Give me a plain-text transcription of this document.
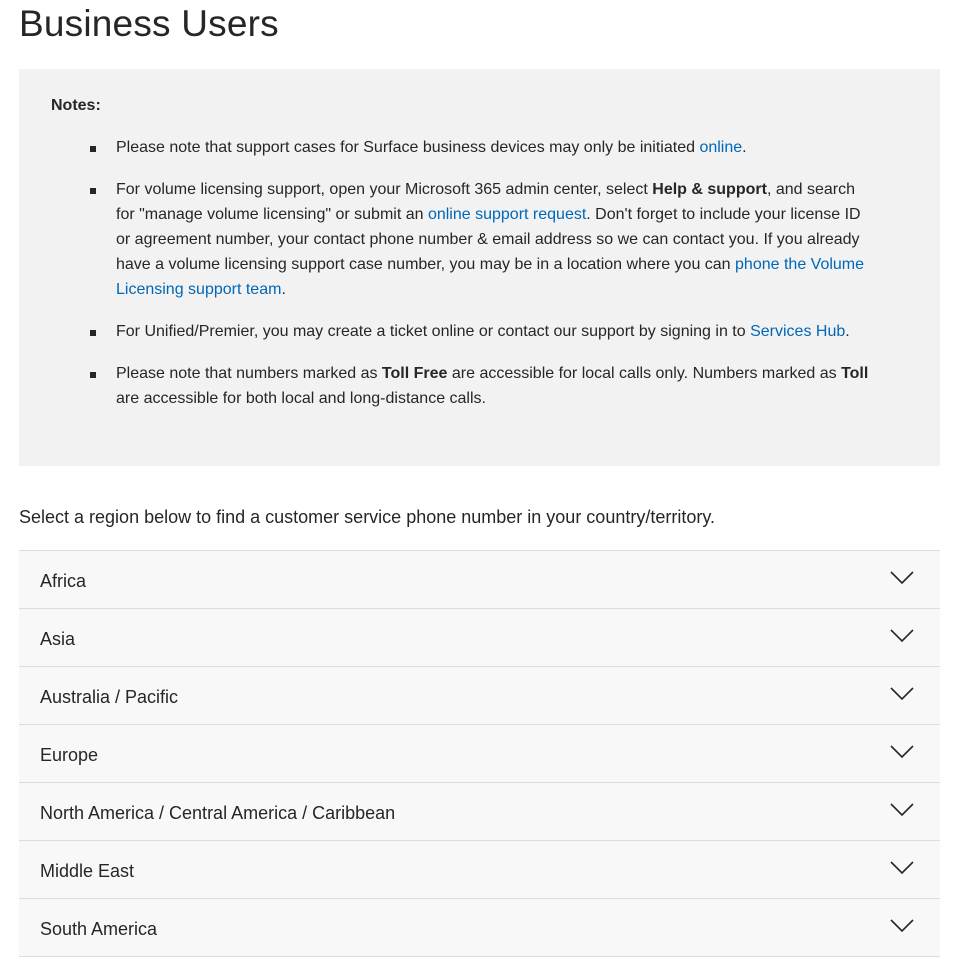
Business Users
Notes:
Please note that support cases for Surface business devices may only be initiated online.
For volume licensing support, open your Microsoft 365 admin center, select Help & support, and search for "manage volume licensing" or submit an online support request. Don't forget to include your license ID or agreement number, your contact phone number & email address so we can contact you. If you already have a volume licensing support case number, you may be in a location where you can phone the Volume Licensing support team.
For Unified/Premier, you may create a ticket online or contact our support by signing in to Services Hub.
Please note that numbers marked as Toll Free are accessible for local calls only. Numbers marked as Toll are accessible for both local and long-distance calls.

Select a region below to find a customer service phone number in your country/territory.

Africa
Asia
Australia / Pacific
Europe
North America / Central America / Caribbean
Middle East
South America
